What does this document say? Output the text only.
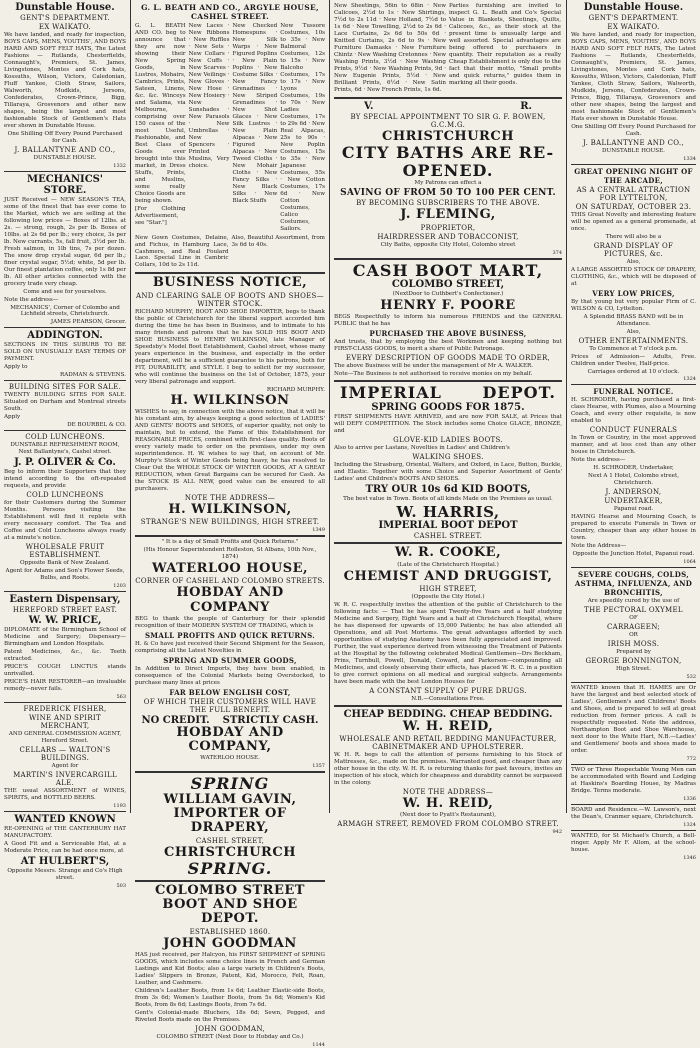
Dunstable House.

GENT'S DEPARTMENT.

EX WAIKATO.

We have landed, and ready for inspection, BOYS CAPS, MENS, YOUTHS', AND BOYS HARD AND SOFT FELT HATS, The Latest Fashions — Rutlands, Chesterfields, Connaught's, Premiers, St. James, Livingstones, Montes and Cork hats, Kossuths, Wilson, Victors, Caledonian, Fluff Yankee, Cloth Straw, Sailors, Walworth, Mudkids, Jersons, Confederates, Crown-Prince, Bigg, Tillaraya, Grosvenors and other new shapes, being the largest and most fashionable Stock of Gentlemen's Hats ever shown in Dunstable House.

One Shilling Off Every Pound Purchased for Cash.

J. BALLANTYNE AND CO.,

DUNSTABLE HOUSE.

1332

MECHANICS' STORE.

JUST Received — NEW SEASON'S TEA, some of the finest that has ever come to the Market, which we are selling at the following low prices — Boxes of 12lbs. at 2s. — strong, rough, 2s per lb. Boxes of 10lbs. at 2s 6d per lb.; very choice, 3s per lb. New currants, 5s, fall fruit, 3½d per lb. Fresh salmon, in 1lb tins, 7s per dozen. The snow drop crystal sugar, 6d per lb.; finer crystal sugar, 5½d; white, 5d per lb. Our finest plantation coffee, only 1s 8d per lb. All other articles connected with the grocery trade very cheap.

Come and see for yourselves.

Note the address—

MECHANICS', Corner of Colombo and Lichfield streets, Christchurch.

JAMES PEARSON, Grocer.

ADDINGTON.

SECTIONS IN THIS SUBURB TO BE SOLD ON UNUSUALLY EASY TERMS OF PAYMENT.

Apply to

RADMAN & STEVENS.

BUILDING SITES FOR SALE.

TWENTY BUILDING SITES FOR SALE. Situated on Durham and Montreal streets South.

Apply

DE BOURBEL & CO.

COLD LUNCHEONS.

DUNSTABLE REFRESHMENT ROOM, Next Ballantyne's, Cashel street.

J. P. OLIVER & Co.

Beg to inform their Supporters that they intend according to the oft-repeated requests, and provide

COLD LUNCHEONS

for their Customers during the Summer Months. Persons visiting the Establishment will find it replete with every necessary comfort. The Tea and Coffee and Cold Luncheons always ready at a minute's notice.

WHOLESALE FRUIT ESTABLISHMENT.

Opposite Bank of New Zealand.

Agent for Adams and Son's Flower Seeds, Bulbs, and Roots.

1203

Eastern Dispensary,

HEREFORD STREET EAST.

W. W. PRICE,

DIPLOMATE of the Birmingham School of Medicine and Surgery; Dispensary—Birmingham and London Hospitals.

Patent Medicines, &c., &c. Teeth extracted.

PRICE'S COUGH LINCTUS stands unrivalled.

PRICE'S HAIR RESTORER—an invaluable remedy—never fails.

563

FREDERICK FISHER,

WINE AND SPIRIT MERCHANT,

AND GENERAL COMMISSION AGENT, Hereford Street.

CELLARS — WALTON'S BUILDINGS.

Agent for

MARTIN'S INVERCARGILL ALE.

THE usual ASSORTMENT of WINES, SPIRITS, and BOTTLED BEERS.

1193

WANTED KNOWN

RE-OPENING of THE CANTERBURY HAT MANUFACTORY.

A Good Fit and a Serviceable Hat, at a Moderate Price, can be had once more, at

AT HULBERT'S,

Opposite Messrs. Strange and Co's High street.

503

G. L. BEATH AND CO., ARGYLE HOUSE, CASHEL STREET.

G. L. BEATH AND CO. beg to announce that they are now showing their New Spring Goods, in Lustres, Mohairs, Cambrics, Prints, Sateen, Linens, &c. &c. Winceys and Salama, via Melbourne, comprising over 150 cases of the most Useful, Fashionable, and Best Class of Goods ever brought into this market, in Dress Stuffs, Prints, and Muslins, some really Choice Goods are being shown.

[For Clothing Advertisement, see "Star."]

New Laces · New Ribbons · New Ruffles · New Sets · New Collars · New Cuffs · New Scarves · New Veilings · New Gloves · New Hose · New Hosiery · New Sunshades · New Parasols · New Umbrellas · New Spencers · Printed Muslins, Very choice.

New Checked Homespuns · New Silk Warps · New Figured Poplins · New Plain Poplins · New Costume Silks · New Fancy Grenadines · New Striped Grenadines · New Shot Glaces · New Silk Lustres · New Plain Alpacas · New Figured Alpacas · New Tweed Cloths · New Mohair Cloths · New Fancy Silks · New Black Silks · New Black Stuffs

New Tussore Costumes, 10s to 35s · New Balmoral Costumes, 12s to 15s · New Balcoho Costumes, 17s to 17s · New Lyons Costumes, 19s to 70s · New Ladies Costumes, 17s to 29s 6d · New Real Alpacas, 25s to 90s · New Poplin Costumes, 15s to 35s · New Japanese Costumes, 55s · New Cotton Costumes, 17s 6d · New Cotton Costumes, Calico Costumes, Sailors.

New Gown Costumes, Delaine, and Fichus, in Hamburg Lace, Cashmere, and Real Foulard Lace. Special Line in Cambric Collars, 10d to 2s 11d.

Also, Beautiful Assortment, from 3s 6d to 40s.

BUSINESS NOTICE,

AND CLEARING SALE OF BOOTS AND SHOES—WINTER STOCK.

RICHARD MURPHY, BOOT AND SHOE IMPORTER, begs to thank the public of Christchurch for the liberal support accorded him during the time he has been in Business, and to intimate to his many friends and patrons that he has SOLD HIS BOOT AND SHOE BUSINESS to HENRY WILKINSON, late Manager of Speedsby's Model Boot Establishment, Cashel street, whose many years experience in the business, and especially in the order department, will be a sufficient guarantee to his patrons, both for FIT, DURABILITY, and STYLE. I beg to solicit for my successor, who will continue the business on the 1st of October, 1875, your very liberal patronage and support.

RICHARD MURPHY.

H. WILKINSON

WISHES to say, in connection with the above notice, that it will be his constant aim, by always keeping a good selection of LADIES' AND GENTS' BOOTS and SHOES, of superior quality, not only to maintain, but to extend, the Fame of this Establishment for REASONABLE PRICES, combined with first-class quality. Boots of every variety made to order on the premises, under my own superintendence. H. W. wishes to say that, on account of Mr. Murphy's Stock of Winter Goods being heavy, he has resolved to Clear Out the WHOLE STOCK OF WINTER GOODS, AT A GREAT REDUCTION, when Great Bargains can be secured for Cash. As the STOCK IS ALL NEW, good value can be ensured to all purchasers.

NOTE THE ADDRESS—

H. WILKINSON,

STRANGE'S NEW BUILDINGS, HIGH STREET.

1349

" It is a day of Small Profits and Quick Returns."

(His Honour Superintendent Rolleston, St Albans, 10th Nov., 1874)

WATERLOO HOUSE,

CORNER OF CASHEL AND COLOMBO STREETS.

HOBDAY AND COMPANY

BEG to thank the people of Canterbury for their splendid recognition of their MODERN SYSTEM OF TRADING, which is

SMALL PROFITS AND QUICK RETURNS.

H. & Co have just received their Second Shipment for the Season, comprising all the Latest Novelties in

SPRING AND SUMMER GOODS,

In Addition to Direct Imports, they have been enabled, in consequence of the Colonial Markets being Overstocked, to purchase many lines at prices

FAR BELOW ENGLISH COST,

OF WHICH THEIR CUSTOMERS WILL HAVE THE FULL BENEFIT.

NO CREDIT. STRICTLY CASH.

HOBDAY AND COMPANY,

WATERLOO HOUSE.

1357

SPRING

WILLIAM GAVIN,

IMPORTER OF DRAPERY,

CASHEL STREET,

CHRISTCHURCH

SPRING.

COLOMBO STREET

BOOT AND SHOE DEPOT.

ESTABLISHED 1860.

JOHN GOODMAN

HAS just received, per Halcyon, his FIRST SHIPMENT of SPRING GOODS, which includes some choice lines in French and German Lastings and Kid Boots; also a large variety in Children's Boots, Ladies' Slippers in Bronze, Patent, Kid, Morocco, Felt, Roan, Leather, and Cashmere.

Children's Leather Boots, from 1s 6d; Leather Elastic-side Boots, from 3s 6d; Women's Leather Boots, from 5s 6d; Women's Kid Boots, from 8s 6d; Lastings Boots, from 7s 6d.

Gent's Colonial-made Bluchers, 18s 6d; Sewn, Pegged, and Riveted Boots made on the Premises.

JOHN GOODMAN,

COLOMBO STREET (Next Door to Hobday and Co.)

1144

New Sheetings, 56in to 68in · New Calicoes, 2½d to 1s · New Shirtings, 7½d to 2s 11d · New Holland, 7½d to 1s 6d · New Towelling, 2½d to 2s 6d · Lace Curtains, 2s 6d to 50s 6d · Knitted Curtains, 2s 6d to 9s · New Furniture Damasks · New Furniture Chintz · New Washing Cretonnes · New Washing Prints, 3½d · New Washing Prints, 9½d · New Washing Prints, 9d · New Eugenie Prints, 5½d · New Brilliant Prints, 6½d · New Satin Prints, 6d · New French Prints, 1s 6d.

Parties furnishing are invited to inspect G. L. Beath and Co's Special Value in Blankets, Sheetings, Quilts, Calicoes, &c., as their stock at the present time is unusually large and well assorted. Special advantages are being offered to purchasers in quantity. Their reputation as a really Cheap Establishment is only due to the fact that their motto, "Small profits and quick returns," guides them in marking all their goods.

V.	R.

BY SPECIAL APPOINTMENT TO SIR G. F. BOWEN, G.C.M.G.

CHRISTCHURCH

CITY BATHS ARE RE-OPENED.

My Patrons can effect a

SAVING OF FROM 50 TO 100 PER CENT.

BY BECOMING SUBSCRIBERS TO THE ABOVE.

J. FLEMING,

PROPRIETOR,

HAIRDRESSER AND TOBACCONIST,

City Baths, opposite City Hotel, Colombo street

374

CASH BOOT MART,

COLOMBO STREET,

(NextDoor to Cuthbert's Confectioner.)

HENRY F. POORE

BEGS Respectfully to inform his numerous FRIENDS and the GENERAL PUBLIC that he has

PURCHASED THE ABOVE BUSINESS,

And trusts, that by employing the best Workmen and keeping nothing but FIRST-CLASS GOODS, to merit a share of Public Patronage.

EVERY DESCRIPTION OF GOODS MADE TO ORDER,

The above Business will be under the management of Mr A. WALKER.

Note—The Business is not authorised to receive monies on my behalf.

IMPERIAL	DEPOT.

SPRING GOODS FOR 1875.

FIRST SHIPMENTS HAVE ARRIVED, and are now FOR SALE, at Prices that will DEFY COMPETITION. The Stock includes some Choice GLACE, BRONZE, and

GLOVE-KID LADIES BOOTS.

Also to arrive per Lastans, Novelties in Ladies' and Children's

WALKING SHOES.

Including the Strasburg, Oriental, Walters, and Oxford, in Lace, Button, Buckle, and Elastic. Together with some Choice and Superior Assortment of Gents' Ladies' and Children's BOOTS AND SHOES.

TRY OUR 10s 6d KID BOOTS,

The best value in Town. Boots of all kinds Made on the Premises as usual.

W. HARRIS,

IMPERIAL BOOT DEPOT

CASHEL STREET.

W. R. COOKE,

(Late of the Christchurch Hospital.)

CHEMIST AND DRUGGIST,

HIGH STREET,

(Opposite the City Hotel.)

W. R. C. respectfully invites the attention of the public of Christchurch to the following facts: — That he has spent Twenty-five Years and a half studying Medicine and Surgery, Eight Years and a half at Christchurch Hospital, where he has dispensed for upwards of 15,000 Patients; he has also attended all Operations, and all Post Mortems. The great advantages afforded by such opportunities of studying Anatomy have been fully appreciated and improved. Further, the vast experience derived from witnessing the Treatment of Patients at the Hospital by the following celebrated Medical Gentlemen—Drs Beckham, Prins, Turnbull, Powell, Donald, Coward, and Parkerson—compounding all Medicines, and closely observing their effects, has placed W. R. C. in a position to give correct opinions on all medical and surgical subjects. Arrangements have been made with the best London Houses for

A CONSTANT SUPPLY OF PURE DRUGS.

N.B.—Consultations Free.

CHEAP BEDDING. CHEAP BEDDING.

W. H. REID,

WHOLESALE AND RETAIL BEDDING MANUFACTURER, CABINETMAKER AND UPHOLSTERER.

W. H. R. begs to call the attention of persons furnishing to his Stock of Mattresses, &c., made on the premises. Warranted good, and cheaper than any other house in the city. W. H. R. is returning thanks for past favours, invites an inspection of his stock, which for cheapness and durability cannot be surpassed in the colony.

NOTE THE ADDRESS—

W. H. REID,

(Next door to Pyatt's Restaurant),

ARMAGH STREET, REMOVED FROM COLOMBO STREET.

942

Dunstable House.

GENT'S DEPARTMENT.

EX WAIKATO.

We have landed, and ready for inspection, BOYS CAPS, MENS, YOUTHS', AND BOYS HARD AND SOFT FELT HATS, The Latest Fashions — Rutlands, Chesterfields, Connaught's, Premiers, St. James, Livingstones, Montes and Cork hats, Kossuths, Wilson, Victors, Caledonian, Fluff Yankee, Cloth Straw, Sailors, Walworth, Mudkids, Jersons, Confederates, Crown-Prince, Bigg, Tillaraya, Grosvenors and other new shapes, being the largest and most fashionable Stock of Gentlemen's Hats ever shown in Dunstable House.

One Shilling Off Every Pound Purchased for Cash.

J. BALLANTYNE AND CO.,

DUNSTABLE HOUSE.

1334

GREAT OPENING NIGHT OF THE ARCADE,

AS A CENTRAL ATTRACTION FOR LYTTELTON,

ON SATURDAY, OCTOBER 23.

THIS Great Novelty and interesting feature will be opened as a general promenade, at once.

There will also be a

GRAND DISPLAY OF PICTURES, &c.

Also,

A LARGE ASSORTED STOCK OF DRAPERY, CLOTHING, &c., which will be disposed of at

VERY LOW PRICES,

By that young but very popular Firm of C. WILSON & CO, Lyttelton.

A Splendid BRASS BAND will be in Attendance.

Also,

OTHER ENTERTAINMENTS.

To Commence at 7 o'clock p.m.

Prices of Admission— Adults, Free. Children under Twelve, Half-price.

Carriages ordered at 10 o'clock.

1324

FUNERAL NOTICE.

H. SCHRODER, having purchased a first-class Hearse, with Plumes, also a Mourning Coach, and every other requisite, is now enabled to

CONDUCT FUNERALS

In Town or Country, in the most approved manner, and at less cost than any other house in Christchurch.

Note the address—

H. SCHRODER, Undertaker,

Next A 1 Hotel, Colombo street, Christchurch.

J. ANDERSON,

UNDERTAKER,

Papanui road.

HAVING Hearse and Mourning Coach, is prepared to execute Funerals in Town or Country, cheaper than any other house in town.

Note the Address—

Opposite the Junction Hotel, Papanui road.

1064

SEVERE COUGHS, COLDS, ASTHMA, INFLUENZA, AND BRONCHITIS,

Are speedily cured by the use of

THE PECTORAL OXYMEL

OF

CARRAGEEN;

OR

IRISH MOSS.

Prepared by

GEORGE BONNINGTON,

High Street.

532

WANTED known that H. HAMES are Or have the largest and best selected stock of Ladies', Gentlemen's and Childrens' Boots and Shoes, and is prepared to sell at great reduction from former prices. A call is respectfully requested. Note the address, Northampton Boot and Shoe Warehouse, next door to the White Hart, N.B.—Ladies' and Gentlemens' boots and shoes made to order.

772

TWO or Three Respectable Young Men can be accommodated with Board and Lodging at Haskins's Boarding House, by Madras Bridge. Terms moderate.

1336

BOARD and Residence.—W. Lawson's, next the Dean's, Cranmer square, Christchurch.

1324

WANTED, for St Michael's Church, a Bell-ringer. Apply Mr F. Allom, at the school-house.

1346
